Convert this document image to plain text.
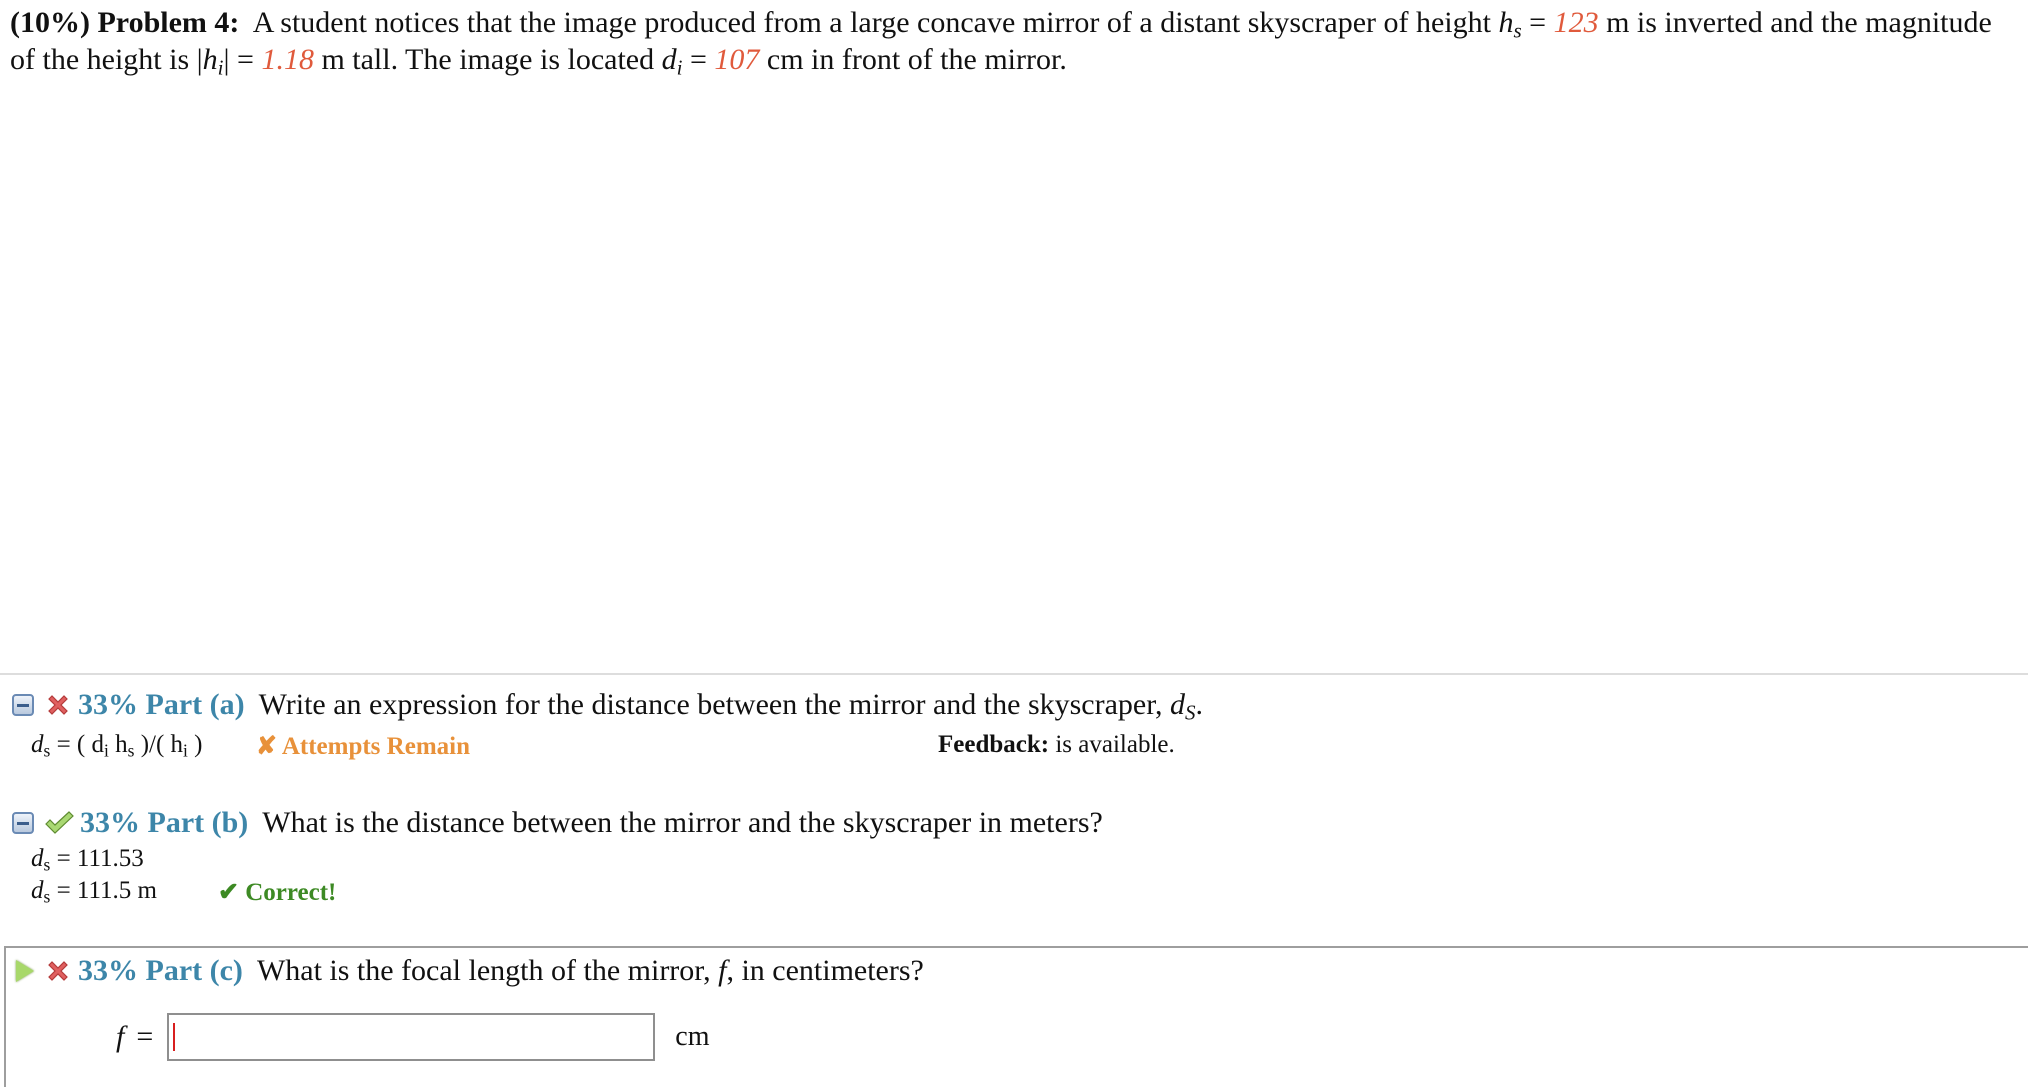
(10%) Problem 4: A student notices that the image produced from a large concave mirror of a distant skyscraper of height $h_s = 123$ m is inverted and the magnitude of the height is $|h_i| = 1.18$ m tall. The image is located $d_i = 107$ cm in front of the mirror.
33% Part (a) Write an expression for the distance between the mirror and the skyscraper,
$d_S$ .
$d_s$ = ( $d_i$ $h_s$ )/( $h_i$ ) ✘ Attempts Remain	Feedback: is available.
33% Part (b) What is the distance between the mirror and the skyscraper in meters?
$d_s = 111.53$
$d_s = 111.5$ m ✔ Correct!
33% Part (c) What is the focal length of the mirror, f, in centimeters?
f =	cm
